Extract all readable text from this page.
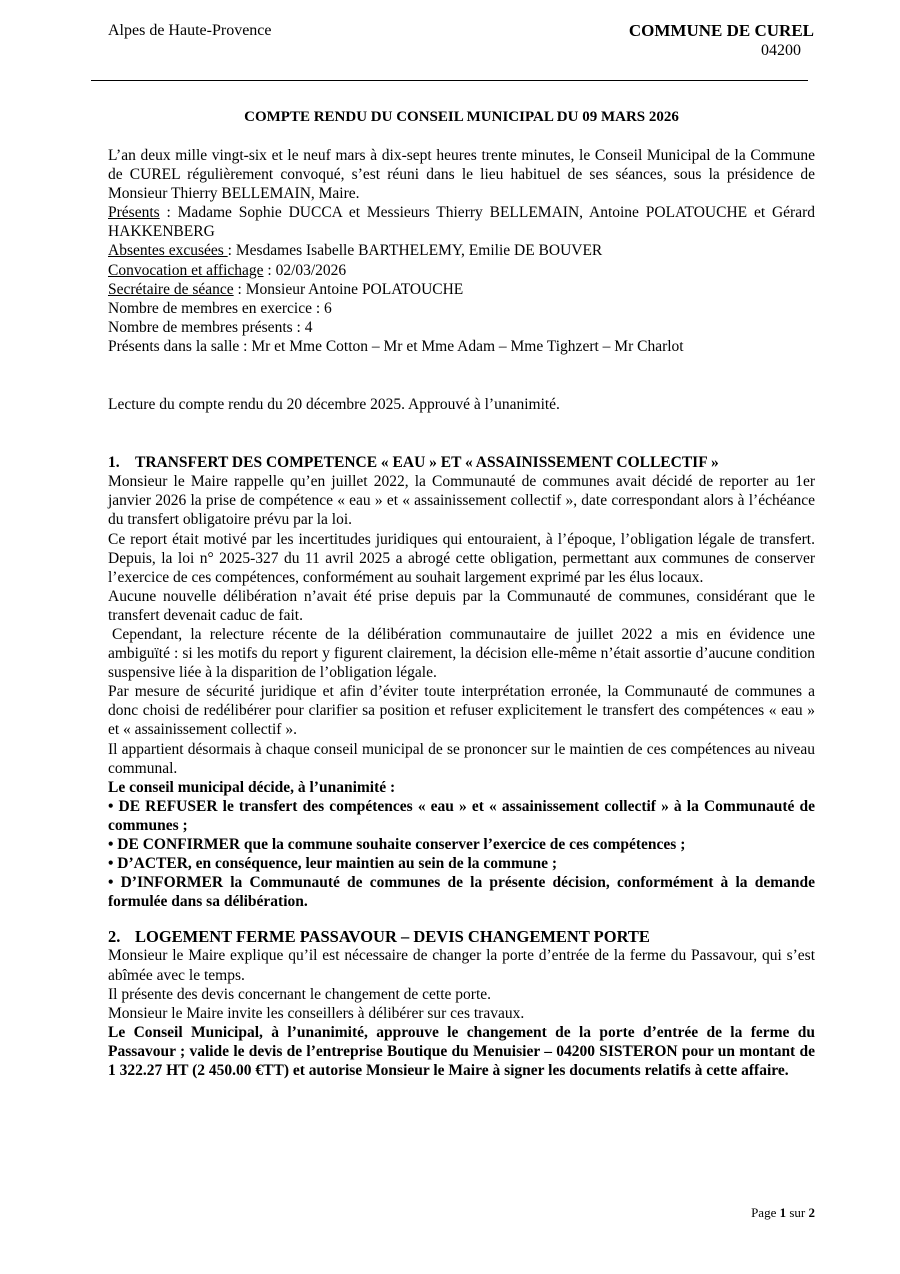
Alpes de Haute-Provence	COMMUNE DE CUREL
04200
COMPTE RENDU DU CONSEIL MUNICIPAL DU 09 MARS 2026

L’an deux mille vingt-six et le neuf mars à dix-sept heures trente minutes, le Conseil Municipal de la Commune de CUREL régulièrement convoqué, s’est réuni dans le lieu habituel de ses séances, sous la présidence de Monsieur Thierry BELLEMAIN, Maire.

Présents : Madame Sophie DUCCA et Messieurs Thierry BELLEMAIN, Antoine POLATOUCHE et Gérard HAKKENBERG

Absentes excusées : Mesdames Isabelle BARTHELEMY, Emilie DE BOUVER

Convocation et affichage : 02/03/2026

Secrétaire de séance : Monsieur Antoine POLATOUCHE

Nombre de membres en exercice : 6

Nombre de membres présents : 4

Présents dans la salle : Mr et Mme Cotton – Mr et Mme Adam – Mme Tighzert – Mr Charlot

Lecture du compte rendu du 20 décembre 2025. Approuvé à l’unanimité.

1. TRANSFERT DES COMPETENCE « EAU » ET « ASSAINISSEMENT COLLECTIF »

Monsieur le Maire rappelle qu’en juillet 2022, la Communauté de communes avait décidé de reporter au 1er janvier 2026 la prise de compétence « eau » et « assainissement collectif », date correspondant alors à l’échéance du transfert obligatoire prévu par la loi.

Ce report était motivé par les incertitudes juridiques qui entouraient, à l’époque, l’obligation légale de transfert. Depuis, la loi n° 2025-327 du 11 avril 2025 a abrogé cette obligation, permettant aux communes de conserver l’exercice de ces compétences, conformément au souhait largement exprimé par les élus locaux.

Aucune nouvelle délibération n’avait été prise depuis par la Communauté de communes, considérant que le transfert devenait caduc de fait.

Cependant, la relecture récente de la délibération communautaire de juillet 2022 a mis en évidence une ambiguïté : si les motifs du report y figurent clairement, la décision elle-même n’était assortie d’aucune condition suspensive liée à la disparition de l’obligation légale.

Par mesure de sécurité juridique et afin d’éviter toute interprétation erronée, la Communauté de communes a donc choisi de redélibérer pour clarifier sa position et refuser explicitement le transfert des compétences « eau » et « assainissement collectif ».

Il appartient désormais à chaque conseil municipal de se prononcer sur le maintien de ces compétences au niveau communal.

Le conseil municipal décide, à l’unanimité :

• DE REFUSER le transfert des compétences « eau » et « assainissement collectif » à la Communauté de communes ;

• DE CONFIRMER que la commune souhaite conserver l’exercice de ces compétences ;

• D’ACTER, en conséquence, leur maintien au sein de la commune ;

• D’INFORMER la Communauté de communes de la présente décision, conformément à la demande formulée dans sa délibération.

2. LOGEMENT FERME PASSAVOUR – DEVIS CHANGEMENT PORTE

Monsieur le Maire explique qu’il est nécessaire de changer la porte d’entrée de la ferme du Passavour, qui s’est abîmée avec le temps.

Il présente des devis concernant le changement de cette porte.

Monsieur le Maire invite les conseillers à délibérer sur ces travaux.

Le Conseil Municipal, à l’unanimité, approuve le changement de la porte d’entrée de la ferme du Passavour ; valide le devis de l’entreprise Boutique du Menuisier – 04200 SISTERON pour un montant de 1 322.27 HT (2 450.00 €TT) et autorise Monsieur le Maire à signer les documents relatifs à cette affaire.

Page 1 sur 2
